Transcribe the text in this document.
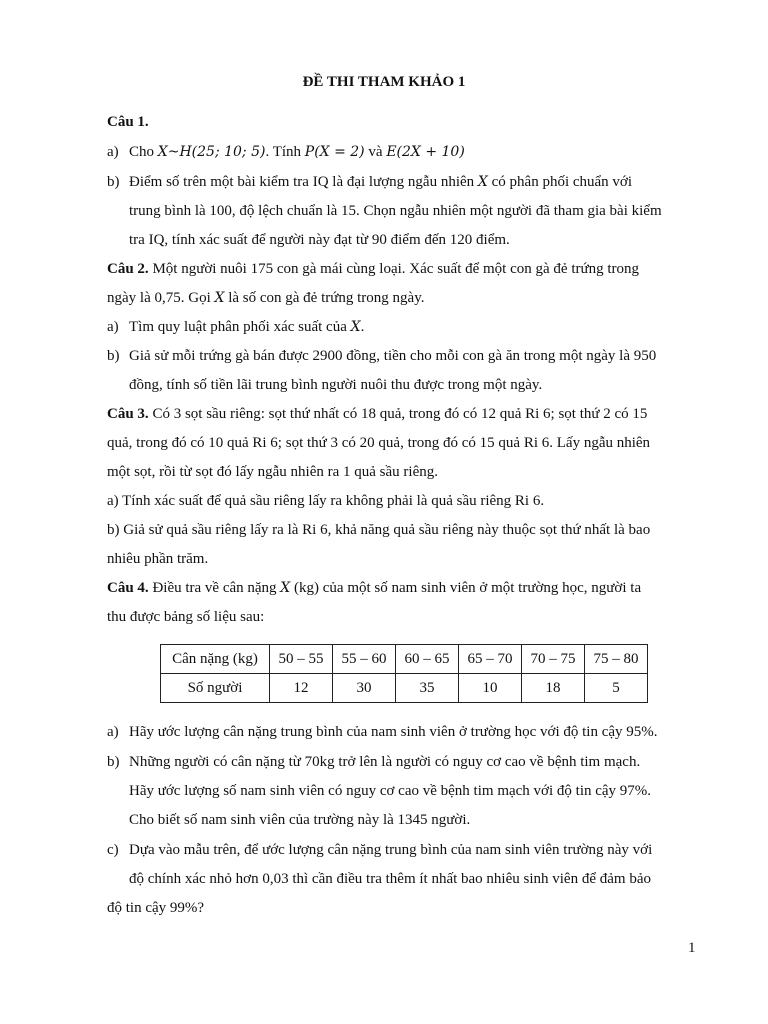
ĐỀ THI THAM KHẢO 1
Câu 1.
a) Cho X~H(25; 10; 5). Tính P(X = 2) và E(2X + 10)
b) Điểm số trên một bài kiểm tra IQ là đại lượng ngẫu nhiên X có phân phối chuẩn với
trung bình là 100, độ lệch chuẩn là 15. Chọn ngẫu nhiên một người đã tham gia bài kiểm
tra IQ, tính xác suất để người này đạt từ 90 điểm đến 120 điểm.
Câu 2. Một người nuôi 175 con gà mái cùng loại. Xác suất để một con gà đẻ trứng trong
ngày là 0,75. Gọi X là số con gà đẻ trứng trong ngày.
a) Tìm quy luật phân phối xác suất của X.
b) Giả sử mỗi trứng gà bán được 2900 đồng, tiền cho mỗi con gà ăn trong một ngày là 950
đồng, tính số tiền lãi trung bình người nuôi thu được trong một ngày.
Câu 3. Có 3 sọt sầu riêng: sọt thứ nhất có 18 quả, trong đó có 12 quả Ri 6; sọt thứ 2 có 15
quả, trong đó có 10 quả Ri 6; sọt thứ 3 có 20 quả, trong đó có 15 quả Ri 6. Lấy ngẫu nhiên
một sọt, rồi từ sọt đó lấy ngẫu nhiên ra 1 quả sầu riêng.
a) Tính xác suất để quả sầu riêng lấy ra không phải là quả sầu riêng Ri 6.
b) Giả sử quả sầu riêng lấy ra là Ri 6, khả năng quả sầu riêng này thuộc sọt thứ nhất là bao
nhiêu phần trăm.
Câu 4. Điều tra về cân nặng X (kg) của một số nam sinh viên ở một trường học, người ta
thu được bảng số liệu sau:
Cân nặng (kg)	50 – 55	55 – 60	60 – 65	65 – 70	70 – 75	75 – 80
Số người	12	30	35	10	18	5
a) Hãy ước lượng cân nặng trung bình của nam sinh viên ở trường học với độ tin cậy 95%.
b) Những người có cân nặng từ 70kg trở lên là người có nguy cơ cao về bệnh tim mạch.
Hãy ước lượng số nam sinh viên có nguy cơ cao về bệnh tim mạch với độ tin cậy 97%.
Cho biết số nam sinh viên của trường này là 1345 người.
c) Dựa vào mẫu trên, để ước lượng cân nặng trung bình của nam sinh viên trường này với
độ chính xác nhỏ hơn 0,03 thì cần điều tra thêm ít nhất bao nhiêu sinh viên để đảm bảo
độ tin cậy 99%?
1
